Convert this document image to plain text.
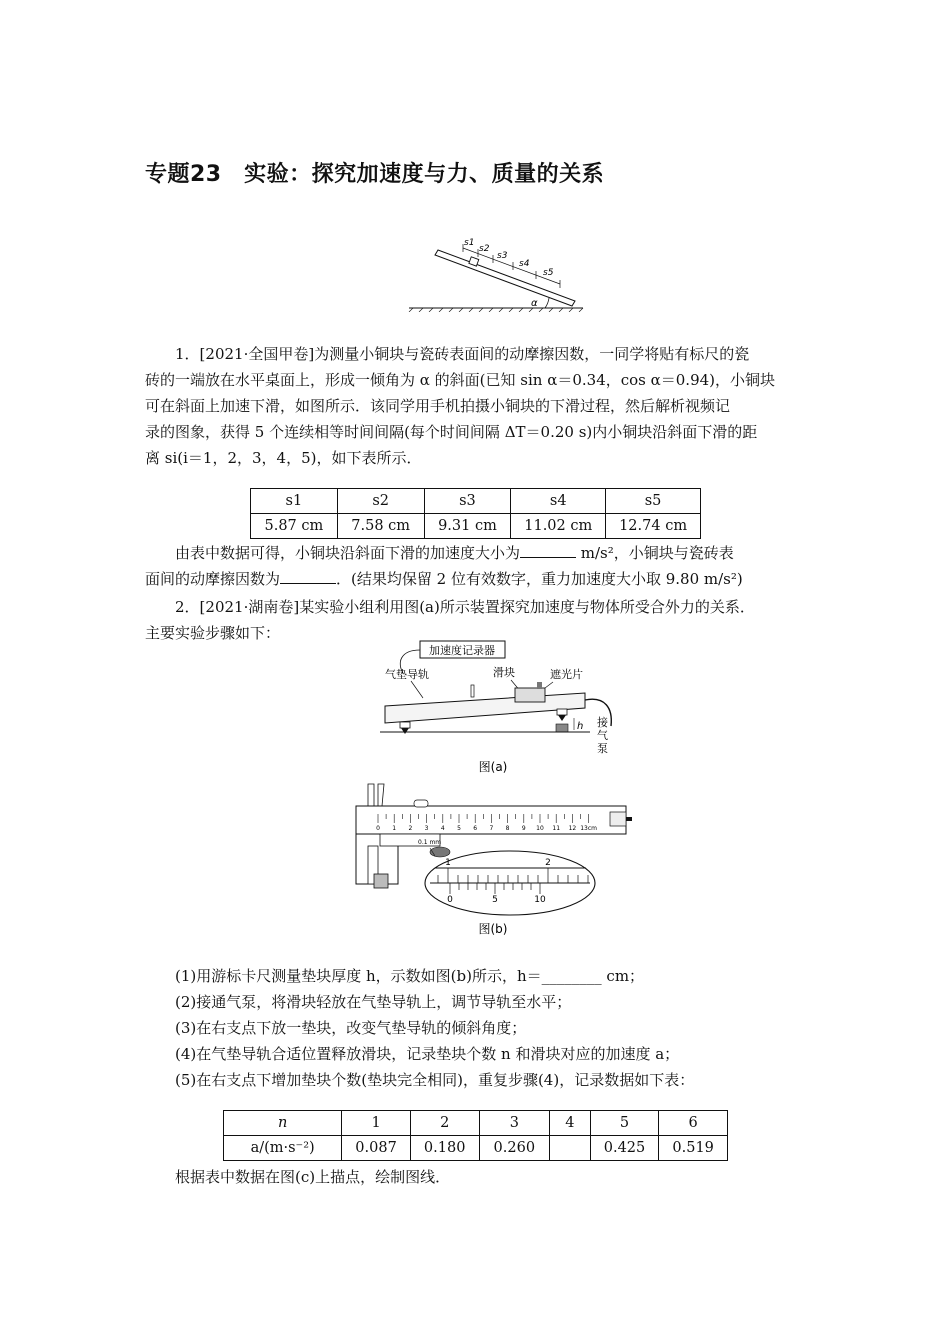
专题23　实验：探究加速度与力、质量的关系
s1
s2
s3
s4
s5
α
1．[2021·全国甲卷]为测量小铜块与瓷砖表面间的动摩擦因数，一同学将贴有标尺的瓷
砖的一端放在水平桌面上，形成一倾角为 α 的斜面(已知 sin α＝0.34，cos α＝0.94)，小铜块
可在斜面上加速下滑，如图所示．该同学用手机拍摄小铜块的下滑过程，然后解析视频记
录的图象，获得 5 个连续相等时间间隔(每个时间间隔 ΔT＝0.20 s)内小铜块沿斜面下滑的距
离 si(i＝1，2，3，4，5)，如下表所示．
s1	s2	s3	s4	s5
5.87 cm	7.58 cm	9.31 cm	11.02 cm	12.74 cm
由表中数据可得，小铜块沿斜面下滑的加速度大小为	m/s²，小铜块与瓷砖表
面间的动摩擦因数为	．(结果均保留 2 位有效数字，重力加速度大小取 9.80 m/s²)
2．[2021·湖南卷]某实验小组利用图(a)所示装置探究加速度与物体所受合外力的关系．
主要实验步骤如下：
加速度记录器
气垫导轨	滑块	遮光片
h 接
气
泵
图(a)
0 1 2 3 4 5 6 7 8 9 10 11 12 13cm
0.1 mm
1	2
0	5	10
图(b)
(1)用游标卡尺测量垫块厚度 h，示数如图(b)所示，h＝________ cm；
(2)接通气泵，将滑块轻放在气垫导轨上，调节导轨至水平；
(3)在右支点下放一垫块，改变气垫导轨的倾斜角度；
(4)在气垫导轨合适位置释放滑块，记录垫块个数 n 和滑块对应的加速度 a；
(5)在右支点下增加垫块个数(垫块完全相同)，重复步骤(4)，记录数据如下表：
n	1	2	3	4	5	6
a/(m·s⁻²)	0.087	0.180	0.260		0.425	0.519
根据表中数据在图(c)上描点，绘制图线．
